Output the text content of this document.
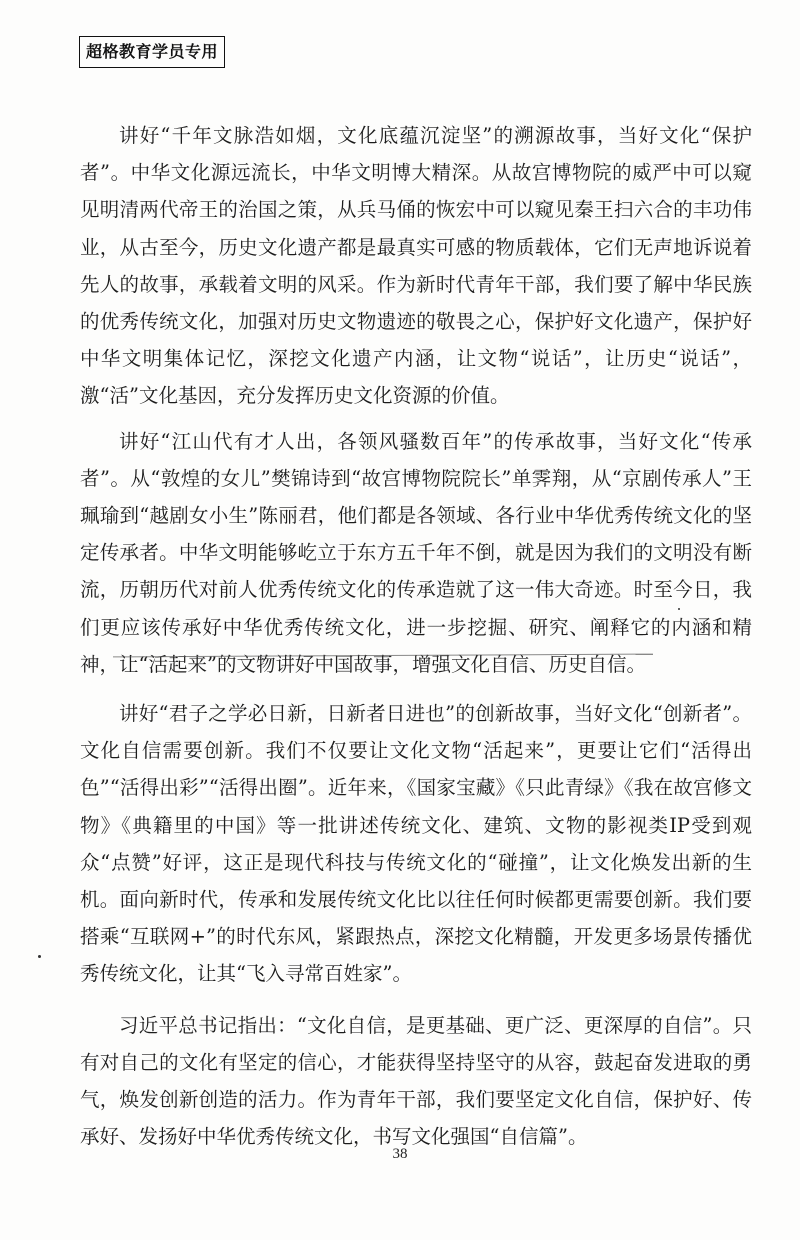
超格教育学员专用

讲好“千年文脉浩如烟，文化底蕴沉淀坚”的溯源故事，当好文化“保护者”。中华文化源远流长，中华文明博大精深。从故宫博物院的威严中可以窥见明清两代帝王的治国之策，从兵马俑的恢宏中可以窥见秦王扫六合的丰功伟业，从古至今，历史文化遗产都是最真实可感的物质载体，它们无声地诉说着先人的故事，承载着文明的风采。作为新时代青年干部，我们要了解中华民族的优秀传统文化，加强对历史文物遗迹的敬畏之心，保护好文化遗产，保护好中华文明集体记忆，深挖文化遗产内涵，让文物“说话”，让历史“说话”，激“活”文化基因，充分发挥历史文化资源的价值。

讲好“江山代有才人出，各领风骚数百年”的传承故事，当好文化“传承者”。从“敦煌的女儿”樊锦诗到“故宫博物院院长”单霁翔，从“京剧传承人”王珮瑜到“越剧女小生”陈丽君，他们都是各领域、各行业中华优秀传统文化的坚定传承者。中华文明能够屹立于东方五千年不倒，就是因为我们的文明没有断流，历朝历代对前人优秀传统文化的传承造就了这一伟大奇迹。时至今日，我们更应该传承好中华优秀传统文化，进一步挖掘、研究、阐释它的内涵和精神，让“活起来”的文物讲好中国故事，增强文化自信、历史自信。

讲好“君子之学必日新，日新者日进也”的创新故事，当好文化“创新者”。文化自信需要创新。我们不仅要让文化文物“活起来”，更要让它们“活得出色”“活得出彩”“活得出圈”。近年来，《国家宝藏》《只此青绿》《我在故宫修文物》《典籍里的中国》等一批讲述传统文化、建筑、文物的影视类IP受到观众“点赞”好评，这正是现代科技与传统文化的“碰撞”，让文化焕发出新的生机。面向新时代，传承和发展传统文化比以往任何时候都更需要创新。我们要搭乘“互联网+”的时代东风，紧跟热点，深挖文化精髓，开发更多场景传播优秀传统文化，让其“飞入寻常百姓家”。

习近平总书记指出：“文化自信，是更基础、更广泛、更深厚的自信”。只有对自己的文化有坚定的信心，才能获得坚持坚守的从容，鼓起奋发进取的勇气，焕发创新创造的活力。作为青年干部，我们要坚定文化自信，保护好、传承好、发扬好中华优秀传统文化，书写文化强国“自信篇”。

38
